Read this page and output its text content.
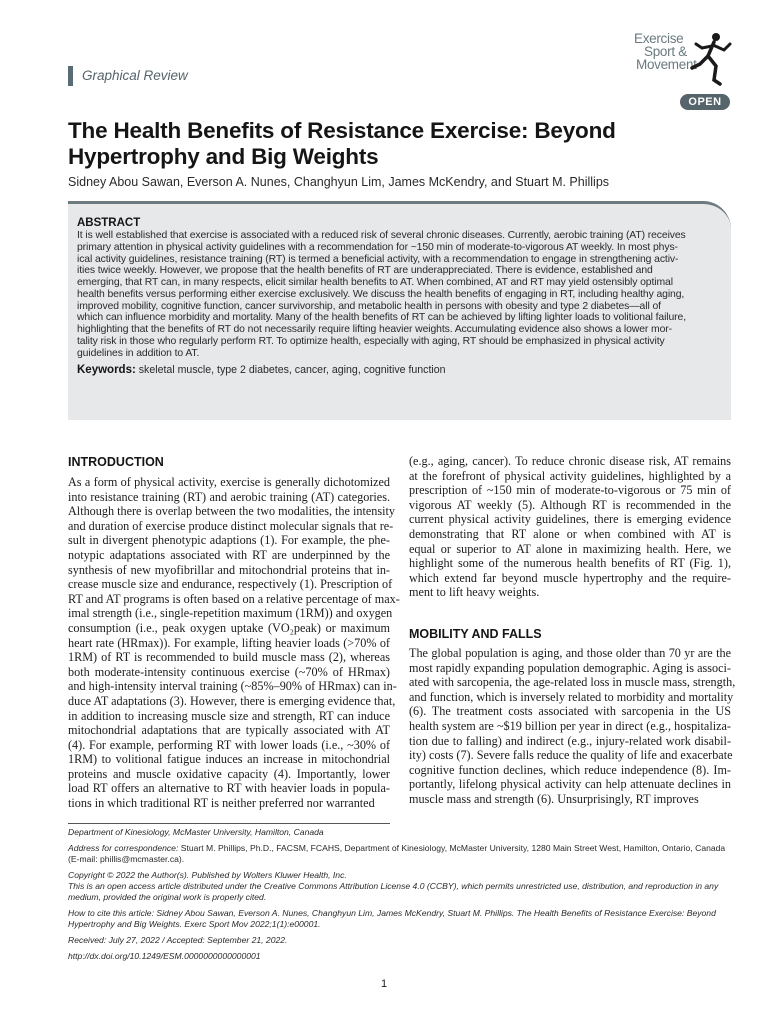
Graphical Review
Exercise
Sport &
Movement
OPEN
The Health Benefits of Resistance Exercise: Beyond
Hypertrophy and Big Weights
Sidney Abou Sawan, Everson A. Nunes, Changhyun Lim, James McKendry, and Stuart M. Phillips
ABSTRACT
It is well established that exercise is associated with a reduced risk of several chronic diseases. Currently, aerobic training (AT) receives
primary attention in physical activity guidelines with a recommendation for ~150 min of moderate-to-vigorous AT weekly. In most phys-
ical activity guidelines, resistance training (RT) is termed a beneficial activity, with a recommendation to engage in strengthening activ-
ities twice weekly. However, we propose that the health benefits of RT are underappreciated. There is evidence, established and
emerging, that RT can, in many respects, elicit similar health benefits to AT. When combined, AT and RT may yield ostensibly optimal
health benefits versus performing either exercise exclusively. We discuss the health benefits of engaging in RT, including healthy aging,
improved mobility, cognitive function, cancer survivorship, and metabolic health in persons with obesity and type 2 diabetes—all of
which can influence morbidity and mortality. Many of the health benefits of RT can be achieved by lifting lighter loads to volitional failure,
highlighting that the benefits of RT do not necessarily require lifting heavier weights. Accumulating evidence also shows a lower mor-
tality risk in those who regularly perform RT. To optimize health, especially with aging, RT should be emphasized in physical activity
guidelines in addition to AT.
Keywords: skeletal muscle, type 2 diabetes, cancer, aging, cognitive function
INTRODUCTION
As a form of physical activity, exercise is generally dichotomized
into resistance training (RT) and aerobic training (AT) categories.
Although there is overlap between the two modalities, the intensity
and duration of exercise produce distinct molecular signals that re-
sult in divergent phenotypic adaptions (1). For example, the phe-
notypic adaptations associated with RT are underpinned by the
synthesis of new myofibrillar and mitochondrial proteins that in-
crease muscle size and endurance, respectively (1). Prescription of
RT and AT programs is often based on a relative percentage of max-
imal strength (i.e., single-repetition maximum (1RM)) and oxygen
consumption (i.e., peak oxygen uptake (VO₂peak) or maximum
heart rate (HRmax)). For example, lifting heavier loads (>70% of
1RM) of RT is recommended to build muscle mass (2), whereas
both moderate-intensity continuous exercise (~70% of HRmax)
and high-intensity interval training (~85%–90% of HRmax) can in-
duce AT adaptations (3). However, there is emerging evidence that,
in addition to increasing muscle size and strength, RT can induce
mitochondrial adaptations that are typically associated with AT
(4). For example, performing RT with lower loads (i.e., ~30% of
1RM) to volitional fatigue induces an increase in mitochondrial
proteins and muscle oxidative capacity (4). Importantly, lower
load RT offers an alternative to RT with heavier loads in popula-
tions in which traditional RT is neither preferred nor warranted
(e.g., aging, cancer). To reduce chronic disease risk, AT remains
at the forefront of physical activity guidelines, highlighted by a
prescription of ~150 min of moderate-to-vigorous or 75 min of
vigorous AT weekly (5). Although RT is recommended in the
current physical activity guidelines, there is emerging evidence
demonstrating that RT alone or when combined with AT is
equal or superior to AT alone in maximizing health. Here, we
highlight some of the numerous health benefits of RT (Fig. 1),
which extend far beyond muscle hypertrophy and the require-
ment to lift heavy weights.
MOBILITY AND FALLS
The global population is aging, and those older than 70 yr are the
most rapidly expanding population demographic. Aging is associ-
ated with sarcopenia, the age-related loss in muscle mass, strength,
and function, which is inversely related to morbidity and mortality
(6). The treatment costs associated with sarcopenia in the US
health system are ~$19 billion per year in direct (e.g., hospitaliza-
tion due to falling) and indirect (e.g., injury-related work disabil-
ity) costs (7). Severe falls reduce the quality of life and exacerbate
cognitive function declines, which reduce independence (8). Im-
portantly, lifelong physical activity can help attenuate declines in
muscle mass and strength (6). Unsurprisingly, RT improves
Department of Kinesiology, McMaster University, Hamilton, Canada
Address for correspondence: Stuart M. Phillips, Ph.D., FACSM, FCAHS, Department of Kinesiology, McMaster University, 1280 Main Street West, Hamilton, Ontario, Canada
(E-mail: phillis@mcmaster.ca).
Copyright © 2022 the Author(s). Published by Wolters Kluwer Health, Inc.
This is an open access article distributed under the Creative Commons Attribution License 4.0 (CCBY), which permits unrestricted use, distribution, and reproduction in any
medium, provided the original work is properly cited.
How to cite this article: Sidney Abou Sawan, Everson A. Nunes, Changhyun Lim, James McKendry, Stuart M. Phillips. The Health Benefits of Resistance Exercise: Beyond
Hypertrophy and Big Weights. Exerc Sport Mov 2022;1(1):e00001.
Received: July 27, 2022 / Accepted: September 21, 2022.
http://dx.doi.org/10.1249/ESM.0000000000000001
1
